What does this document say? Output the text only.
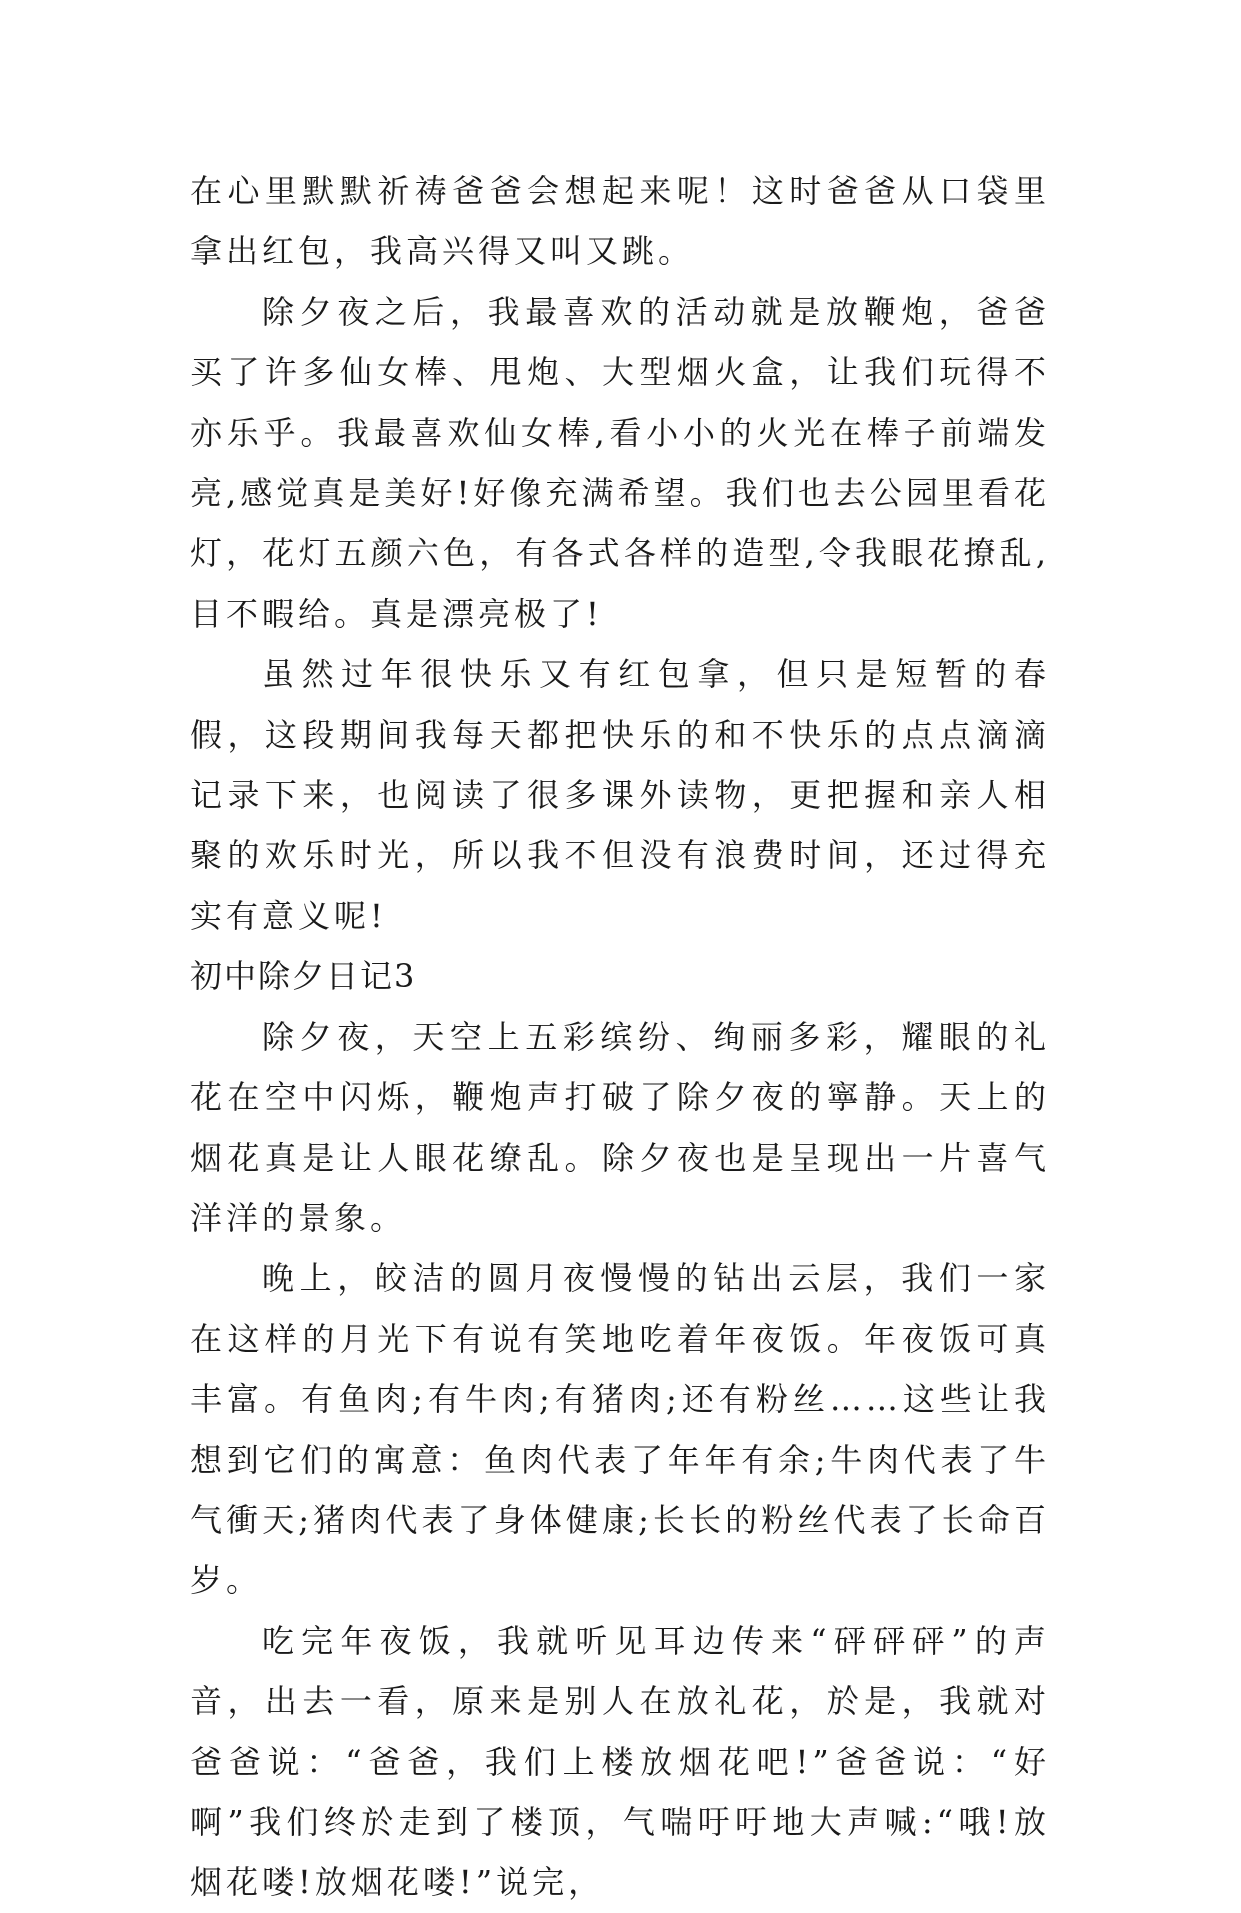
在心里默默祈祷爸爸会想起来呢！这时爸爸从口袋里拿出红包，我高兴得又叫又跳。

除夕夜之后，我最喜欢的活动就是放鞭炮，爸爸买了许多仙女棒、甩炮、大型烟火盒，让我们玩得不亦乐乎。我最喜欢仙女棒,看小小的火光在棒子前端发亮,感觉真是美好!好像充满希望。我们也去公园里看花灯，花灯五颜六色，有各式各样的造型,令我眼花撩乱,目不暇给。真是漂亮极了!

虽然过年很快乐又有红包拿，但只是短暂的春假，这段期间我每天都把快乐的和不快乐的点点滴滴记录下来，也阅读了很多课外读物，更把握和亲人相聚的欢乐时光，所以我不但没有浪费时间，还过得充实有意义呢!

初中除夕日记3

除夕夜，天空上五彩缤纷、绚丽多彩，耀眼的礼花在空中闪烁，鞭炮声打破了除夕夜的寧静。天上的烟花真是让人眼花缭乱。除夕夜也是呈现出一片喜气洋洋的景象。

晚上，皎洁的圆月夜慢慢的钻出云层，我们一家在这样的月光下有说有笑地吃着年夜饭。年夜饭可真丰富。有鱼肉;有牛肉;有猪肉;还有粉丝……这些让我想到它们的寓意：鱼肉代表了年年有余;牛肉代表了牛气衝天;猪肉代表了身体健康;长长的粉丝代表了长命百岁。

吃完年夜饭，我就听见耳边传来“砰砰砰”的声音，出去一看，原来是别人在放礼花，於是，我就对爸爸说：“爸爸，我们上楼放烟花吧!”爸爸说：“好啊”我们终於走到了楼顶，气喘吁吁地大声喊:“哦!放烟花喽!放烟花喽!”说完，
